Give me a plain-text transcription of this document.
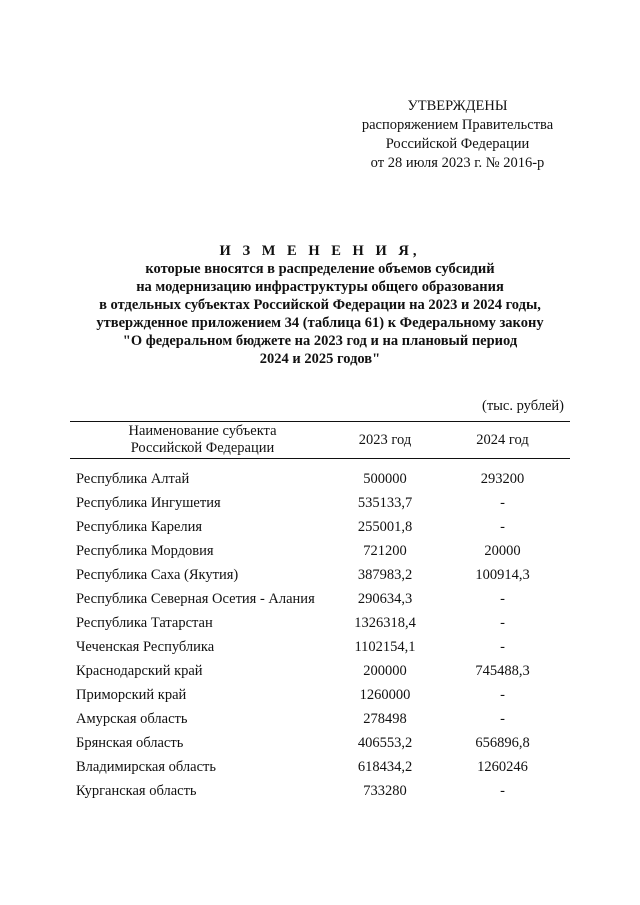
УТВЕРЖДЕНЫ
распоряжением Правительства
Российской Федерации
от 28 июля 2023 г. № 2016-р
И З М Е Н Е Н И Я,
которые вносятся в распределение объемов субсидий
на модернизацию инфраструктуры общего образования
в отдельных субъектах Российской Федерации на 2023 и 2024 годы,
утвержденное приложением 34 (таблица 61) к Федеральному закону
"О федеральном бюджете на 2023 год и на плановый период
2024 и 2025 годов"
(тыс. рублей)
Наименование субъекта
Российской Федерации	2023 год	2024 год

Республика Алтай	500000	293200
Республика Ингушетия	535133,7	-
Республика Карелия	255001,8	-
Республика Мордовия	721200	20000
Республика Саха (Якутия)	387983,2	100914,3
Республика Северная Осетия - Алания	290634,3	-
Республика Татарстан	1326318,4	-
Чеченская Республика	1102154,1	-
Краснодарский край	200000	745488,3
Приморский край	1260000	-
Амурская область	278498	-
Брянская область	406553,2	656896,8
Владимирская область	618434,2	1260246
Курганская область	733280	-
